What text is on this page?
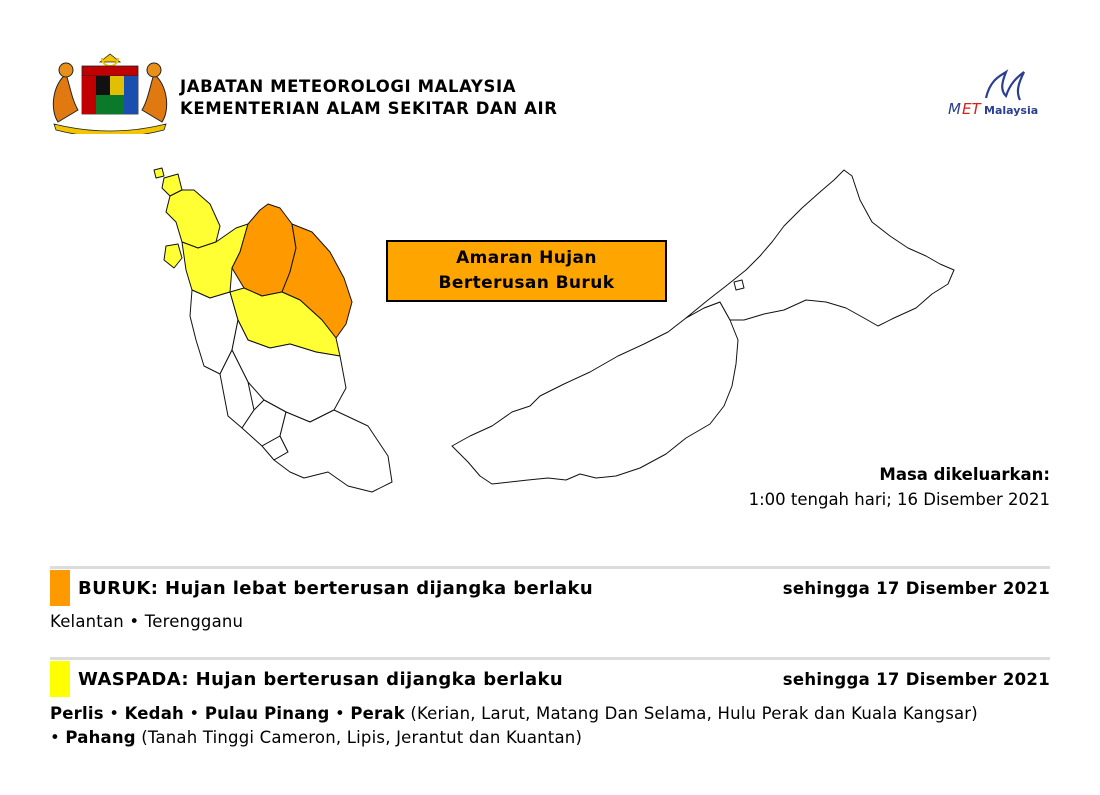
JABATAN METEOROLOGI MALAYSIA
KEMENTERIAN ALAM SEKITAR DAN AIR	M ET Malaysia
Amaran Hujan
Berterusan Buruk
Masa dikeluarkan:
1:00 tengah hari; 16 Disember 2021
BURUK: Hujan lebat berterusan dijangka berlaku	sehingga 17 Disember 2021
Kelantan • Terengganu
WASPADA: Hujan berterusan dijangka berlaku	sehingga 17 Disember 2021
Perlis • Kedah • Pulau Pinang • Perak (Kerian, Larut, Matang Dan Selama, Hulu Perak dan Kuala Kangsar)
• Pahang (Tanah Tinggi Cameron, Lipis, Jerantut dan Kuantan)
